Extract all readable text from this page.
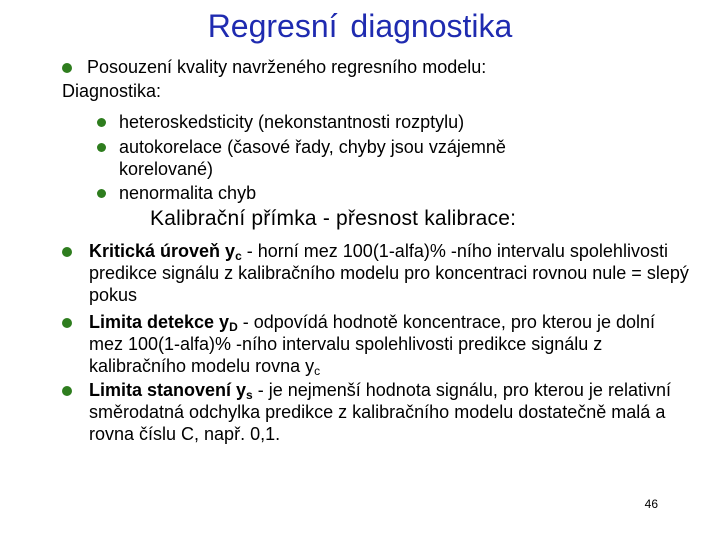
Regresní diagnostika
Posouzení kvality navrženého regresního modelu:
Diagnostika:
heteroskedsticity (nekonstantnosti rozptylu)
autokorelace (časové řady, chyby jsou vzájemně korelované)
nenormalita chyb
Kalibrační přímka - přesnost kalibrace:
Kritická úroveň $y_c$ - horní mez 100(1-alfa)% -ního intervalu spolehlivosti predikce signálu z kalibračního modelu pro koncentraci rovnou nule = slepý pokus
Limita detekce $y_D$ - odpovídá hodnotě koncentrace, pro kterou je dolní mez 100(1-alfa)% -ního intervalu spolehlivosti predikce signálu z kalibračního modelu rovna $y_c$
Limita stanovení $y_s$ - je nejmenší hodnota signálu, pro kterou je relativní směrodatná odchylka predikce z kalibračního modelu dostatečně malá a rovna číslu C, např. 0,1.
46
